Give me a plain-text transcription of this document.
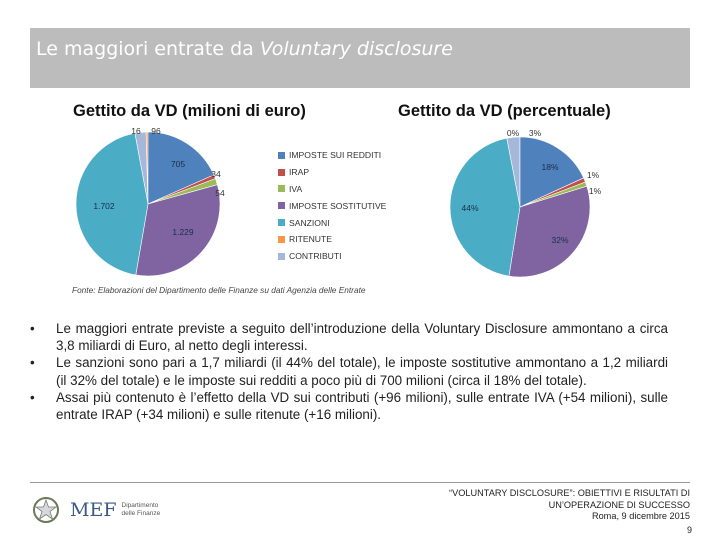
Le maggiori entrate da Voluntary disclosure
Gettito da VD (milioni di euro)	Gettito da VD (percentuale)
705
34
54
1.229
1.702
16 96
18%
1%
1%
32%
44%
0% 3%
IMPOSTE SUI REDDITI
IRAP
IVA
IMPOSTE SOSTITUTIVE
SANZIONI
RITENUTE
CONTRIBUTI
Fonte: Elaborazioni del Dipartimento delle Finanze su dati Agenzia delle Entrate
• Le maggiori entrate previste a seguito dell’introduzione della Voluntary Disclosure ammontano a circa 3,8 miliardi di Euro, al netto degli interessi.
• Le sanzioni sono pari a 1,7 miliardi (il 44% del totale), le imposte sostitutive ammontano a 1,2 miliardi (il 32% del totale) e le imposte sui redditi a poco più di 700 milioni (circa il 18% del totale).
• Assai più contenuto è l’effetto della VD sui contributi (+96 milioni), sulle entrate IVA (+54 milioni), sulle entrate IRAP (+34 milioni) e sulle ritenute (+16 milioni).
MEF Dipartimento
delle Finanze
“VOLUNTARY DISCLOSURE”: OBIETTIVI E RISULTATI DI
UN’OPERAZIONE DI SUCCESSO
Roma, 9 dicembre 2015
9
